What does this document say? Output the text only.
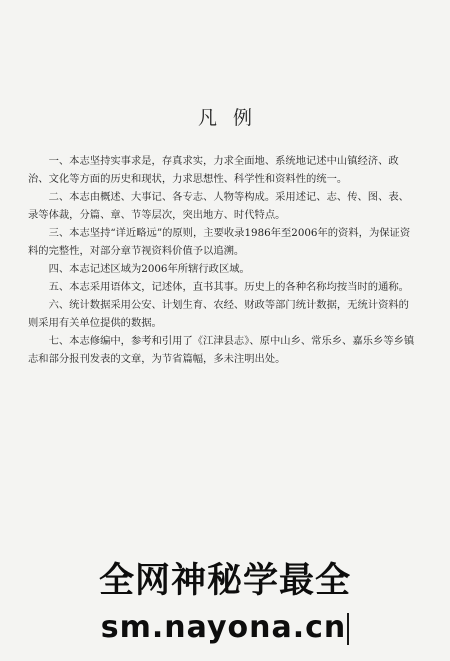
凡例

一、本志坚持实事求是，存真求实，力求全面地、系统地记述中山镇经济、政治、文化等方面的历史和现状，力求思想性、科学性和资料性的统一。

二、本志由概述、大事记、各专志、人物等构成。采用述记、志、传、图、表、录等体裁，分篇、章、节等层次，突出地方、时代特点。

三、本志坚持“详近略远”的原则，主要收录1986年至2006年的资料，为保证资料的完整性，对部分章节视资料价值予以追溯。

四、本志记述区域为2006年所辖行政区域。

五、本志采用语体文，记述体，直书其事。历史上的各种名称均按当时的通称。

六、统计数据采用公安、计划生育、农经、财政等部门统计数据，无统计资料的则采用有关单位提供的数据。

七、本志修编中，参考和引用了《江津县志》、原中山乡、常乐乡、嘉乐乡等乡镇志和部分报刊发表的文章，为节省篇幅，多未注明出处。

全网神秘学最全
sm.nayona.cn
